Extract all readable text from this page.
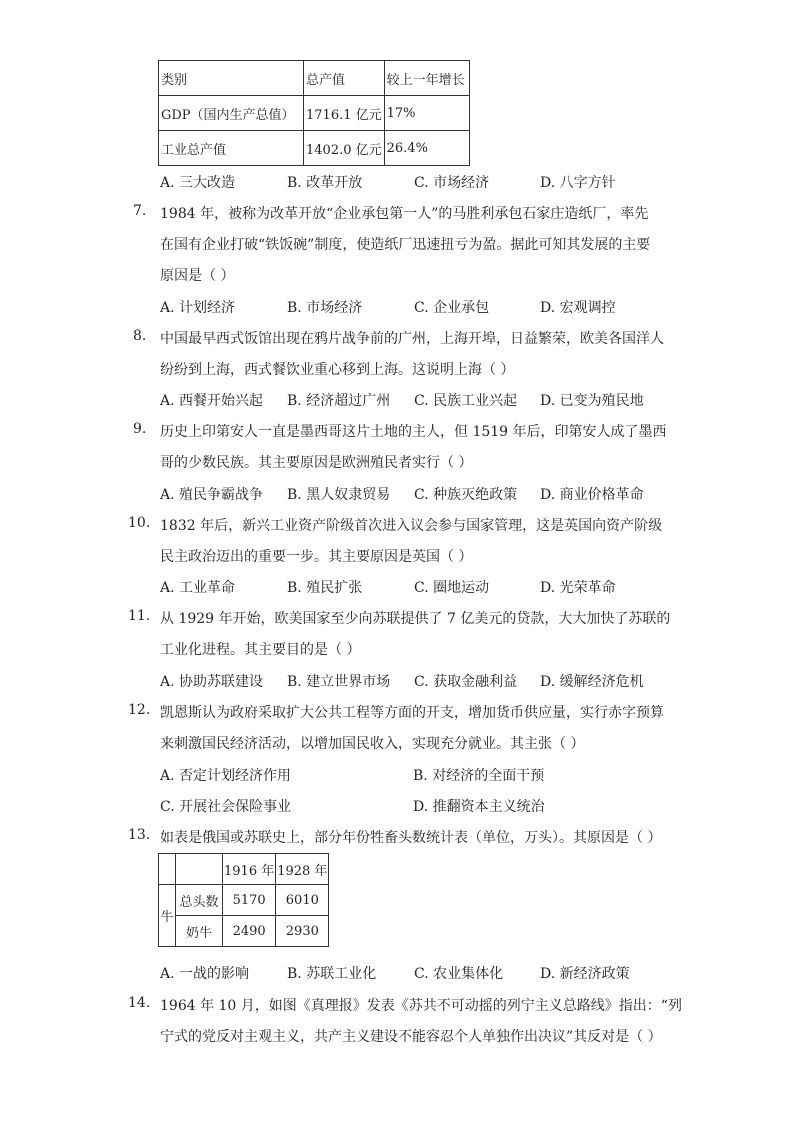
类别	总产值	较上一年增长
GDP（国内生产总值）	1716.1 亿元	17%
工业总产值	1402.0 亿元	26.4%
A. 三大改造	B. 改革开放	C. 市场经济	D. 八字方针
7. 1984 年，被称为改革开放“企业承包第一人”的马胜利承包石家庄造纸厂，率先
在国有企业打破“铁饭碗”制度，使造纸厂迅速扭亏为盈。据此可知其发展的主要
原因是（ ）
A. 计划经济	B. 市场经济	C. 企业承包	D. 宏观调控
8. 中国最早西式饭馆出现在鸦片战争前的广州，上海开埠，日益繁荣，欧美各国洋人
纷纷到上海，西式餐饮业重心移到上海。这说明上海（ ）
A. 西餐开始兴起 B. 经济超过广州 C. 民族工业兴起 D. 已变为殖民地
9. 历史上印第安人一直是墨西哥这片土地的主人，但 1519 年后，印第安人成了墨西
哥的少数民族。其主要原因是欧洲殖民者实行（ ）
A. 殖民争霸战争 B. 黑人奴隶贸易 C. 种族灭绝政策 D. 商业价格革命
10. 1832 年后，新兴工业资产阶级首次进入议会参与国家管理，这是英国向资产阶级
民主政治迈出的重要一步。其主要原因是英国（ ）
A. 工业革命	B. 殖民扩张	C. 圈地运动	D. 光荣革命
11. 从 1929 年开始，欧美国家至少向苏联提供了 7 亿美元的贷款，大大加快了苏联的
工业化进程。其主要目的是（ ）
A. 协助苏联建设 B. 建立世界市场 C. 获取金融利益 D. 缓解经济危机
12. 凯恩斯认为政府采取扩大公共工程等方面的开支，增加货币供应量，实行赤字预算
来刺激国民经济活动，以增加国民收入，实现充分就业。其主张（ ）
A. 否定计划经济作用	B. 对经济的全面干预
C. 开展社会保险事业	D. 推翻资本主义统治
13. 如表是俄国或苏联史上，部分年份牲畜头数统计表（单位，万头）。其原因是（ ）
		1916 年	1928 年
牛	总头数	5170	6010
	奶牛	2490	2930
A. 一战的影响	B. 苏联工业化	C. 农业集体化	D. 新经济政策
14. 1964 年 10 月，如图《真理报》发表《苏共不可动摇的列宁主义总路线》指出：“列
宁式的党反对主观主义，共产主义建设不能容忍个人单独作出决议”其反对是（ ）
